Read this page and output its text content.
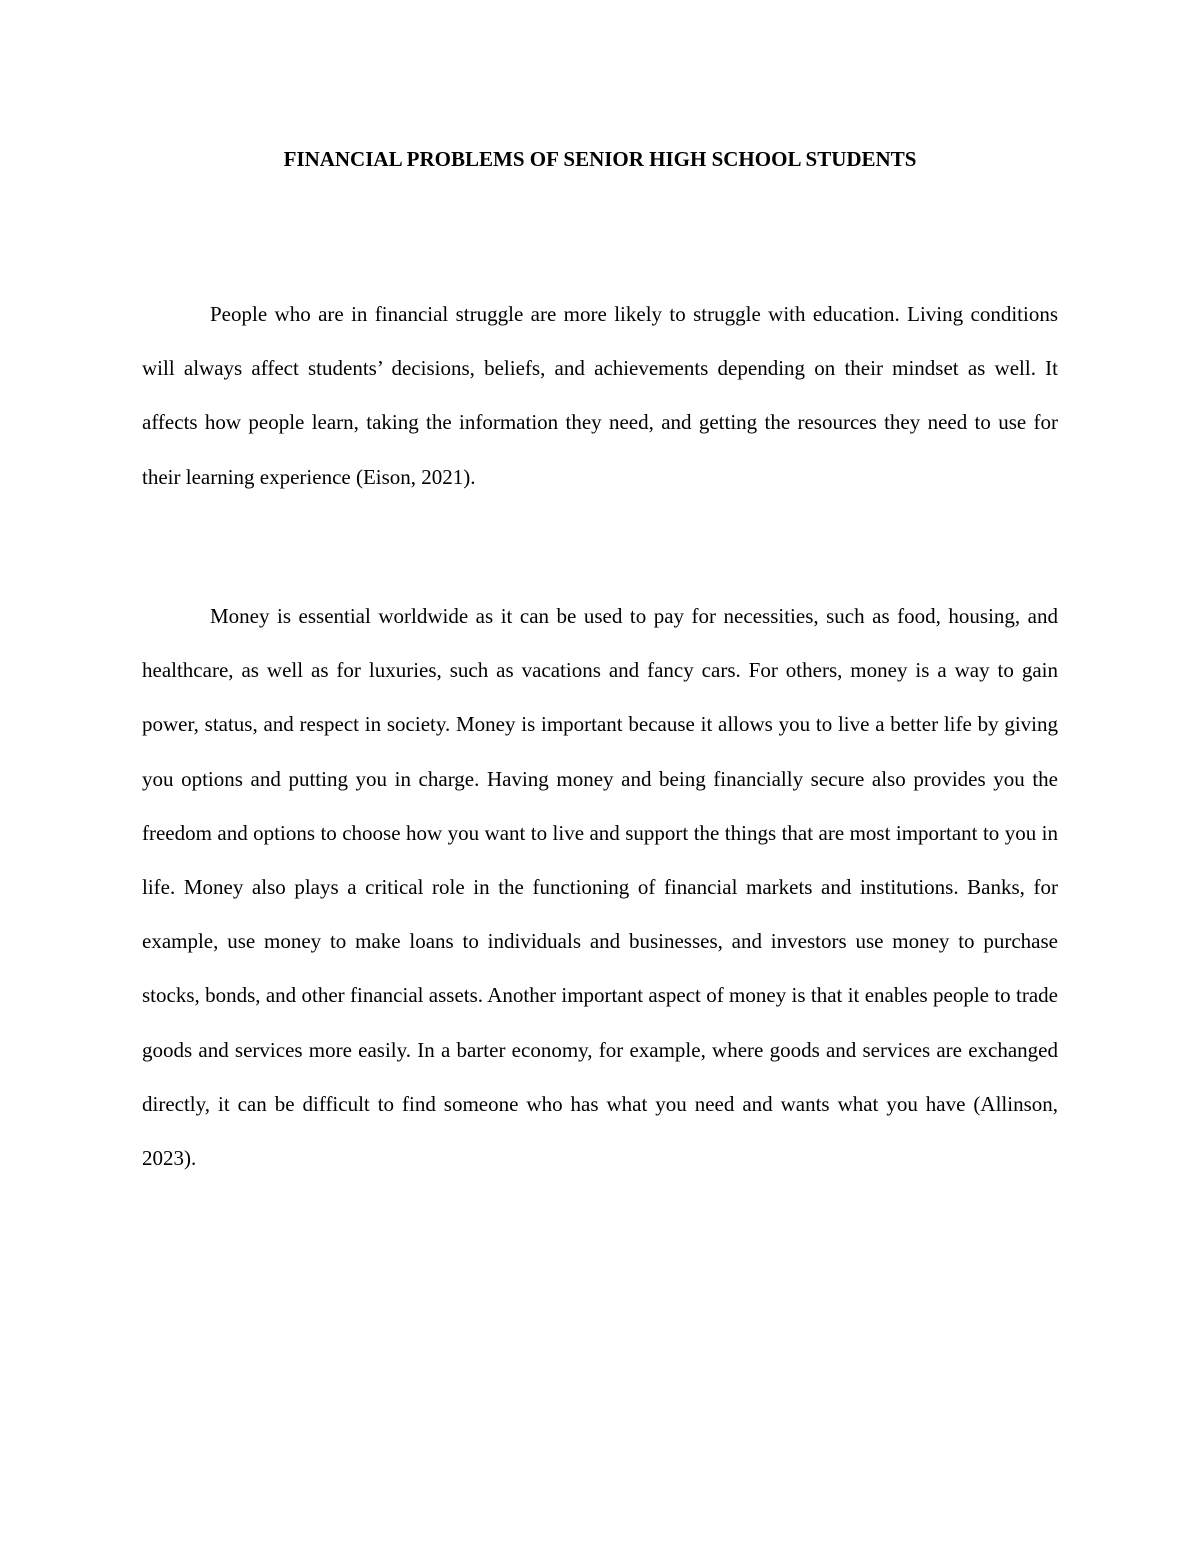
FINANCIAL PROBLEMS OF SENIOR HIGH SCHOOL STUDENTS

People who are in financial struggle are more likely to struggle with education. Living conditions will always affect students’ decisions, beliefs, and achievements depending on their mindset as well. It affects how people learn, taking the information they need, and getting the resources they need to use for their learning experience (Eison, 2021).

Money is essential worldwide as it can be used to pay for necessities, such as food, housing, and healthcare, as well as for luxuries, such as vacations and fancy cars. For others, money is a way to gain power, status, and respect in society. Money is important because it allows you to live a better life by giving you options and putting you in charge. Having money and being financially secure also provides you the freedom and options to choose how you want to live and support the things that are most important to you in life. Money also plays a critical role in the functioning of financial markets and institutions. Banks, for example, use money to make loans to individuals and businesses, and investors use money to purchase stocks, bonds, and other financial assets. Another important aspect of money is that it enables people to trade goods and services more easily. In a barter economy, for example, where goods and services are exchanged directly, it can be difficult to find someone who has what you need and wants what you have (Allinson, 2023).
